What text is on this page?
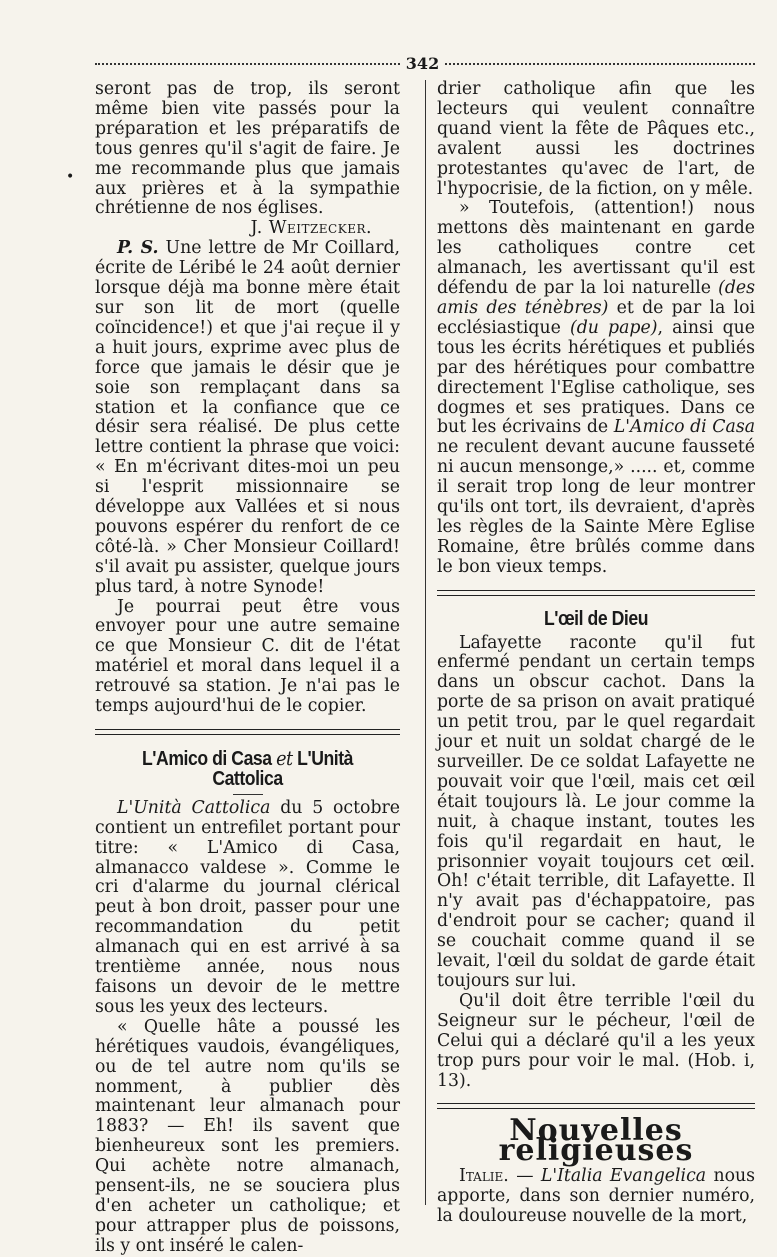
342
•

seront pas de trop, ils seront même bien vite passés pour la préparation et les préparatifs de tous genres qu'il s'agit de faire. Je me recommande plus que jamais aux prières et à la sympathie chrétienne de nos églises.

J. Weitzecker.

P. S. Une lettre de Mr Coillard, écrite de Léribé le 24 août dernier lorsque déjà ma bonne mère était sur son lit de mort (quelle coïncidence!) et que j'ai reçue il y a huit jours, exprime avec plus de force que jamais le désir que je soie son remplaçant dans sa station et la confiance que ce désir sera réalisé. De plus cette lettre contient la phrase que voici: « En m'écrivant dites-moi un peu si l'esprit missionnaire se développe aux Vallées et si nous pouvons espérer du renfort de ce côté-là. » Cher Monsieur Coillard! s'il avait pu assister, quelque jours plus tard, à notre Synode!

Je pourrai peut être vous envoyer pour une autre semaine ce que Monsieur C. dit de l'état matériel et moral dans lequel il a retrouvé sa station. Je n'ai pas le temps aujourd'hui de le copier.

L'Amico di Casa et L'Unità Cattolica

L'Unità Cattolica du 5 octobre contient un entrefilet portant pour titre: « L'Amico di Casa, almanacco valdese ». Comme le cri d'alarme du journal clérical peut à bon droit, passer pour une recommandation du petit almanach qui en est arrivé à sa trentième année, nous nous faisons un devoir de le mettre sous les yeux des lecteurs.

« Quelle hâte a poussé les hérétiques vaudois, évangéliques, ou de tel autre nom qu'ils se nomment, à publier dès maintenant leur almanach pour 1883? — Eh! ils savent que bienheureux sont les premiers. Qui achète notre almanach, pensent-ils, ne se souciera plus d'en acheter un catholique; et pour attrapper plus de poissons, ils y ont inséré le calen-

drier catholique afin que les lecteurs qui veulent connaître quand vient la fête de Pâques etc., avalent aussi les doctrines protestantes qu'avec de l'art, de l'hypocrisie, de la fiction, on y mêle.

» Toutefois, (attention!) nous mettons dès maintenant en garde les catholiques contre cet almanach, les avertissant qu'il est défendu de par la loi naturelle (des amis des ténèbres) et de par la loi ecclésiastique (du pape), ainsi que tous les écrits hérétiques et publiés par des hérétiques pour combattre directement l'Eglise catholique, ses dogmes et ses pratiques. Dans ce but les écrivains de L'Amico di Casa ne reculent devant aucune fausseté ni aucun mensonge,» ..... et, comme il serait trop long de leur montrer qu'ils ont tort, ils devraient, d'après les règles de la Sainte Mère Eglise Romaine, être brûlés comme dans le bon vieux temps.

L'œil de Dieu

Lafayette raconte qu'il fut enfermé pendant un certain temps dans un obscur cachot. Dans la porte de sa prison on avait pratiqué un petit trou, par le quel regardait jour et nuit un soldat chargé de le surveiller. De ce soldat Lafayette ne pouvait voir que l'œil, mais cet œil était toujours là. Le jour comme la nuit, à chaque instant, toutes les fois qu'il regardait en haut, le prisonnier voyait toujours cet œil. Oh! c'était terrible, dit Lafayette. Il n'y avait pas d'échappatoire, pas d'endroit pour se cacher; quand il se couchait comme quand il se levait, l'œil du soldat de garde était toujours sur lui.

Qu'il doit être terrible l'œil du Seigneur sur le pécheur, l'œil de Celui qui a déclaré qu'il a les yeux trop purs pour voir le mal. (Hob. i, 13).

Nouvelles religieuses

Italie. — L'Italia Evangelica nous apporte, dans son dernier numéro, la douloureuse nouvelle de la mort,
